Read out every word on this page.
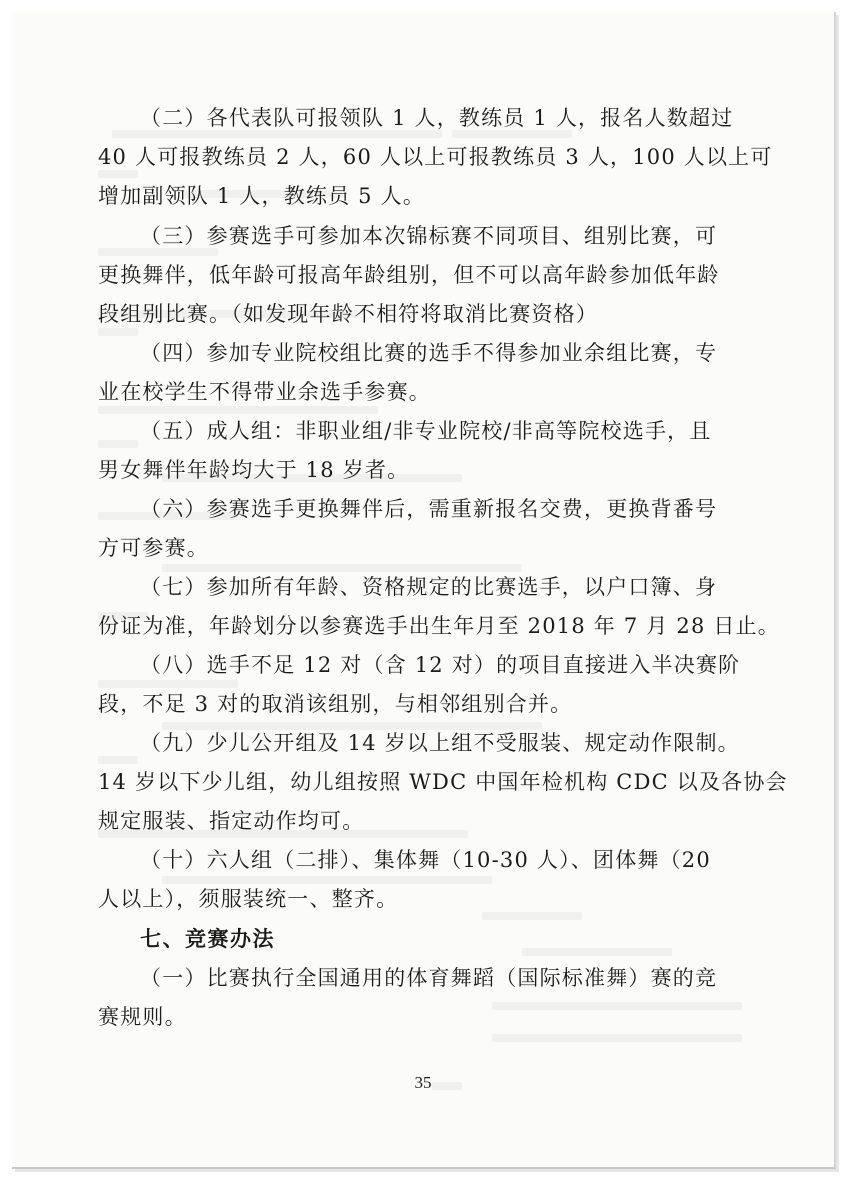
（二）各代表队可报领队 1 人，教练员 1 人，报名人数超过
40 人可报教练员 2 人，60 人以上可报教练员 3 人，100 人以上可
增加副领队 1 人，教练员 5 人。
（三）参赛选手可参加本次锦标赛不同项目、组别比赛，可
更换舞伴，低年龄可报高年龄组别，但不可以高年龄参加低年龄
段组别比赛。（如发现年龄不相符将取消比赛资格）
（四）参加专业院校组比赛的选手不得参加业余组比赛，专
业在校学生不得带业余选手参赛。
（五）成人组：非职业组/非专业院校/非高等院校选手，且
男女舞伴年龄均大于 18 岁者。
（六）参赛选手更换舞伴后，需重新报名交费，更换背番号
方可参赛。
（七）参加所有年龄、资格规定的比赛选手，以户口簿、身
份证为准，年龄划分以参赛选手出生年月至 2018 年 7 月 28 日止。
（八）选手不足 12 对（含 12 对）的项目直接进入半决赛阶
段，不足 3 对的取消该组别，与相邻组别合并。
（九）少儿公开组及 14 岁以上组不受服装、规定动作限制。
14 岁以下少儿组，幼儿组按照 WDC 中国年检机构 CDC 以及各协会
规定服装、指定动作均可。
（十）六人组（二排）、集体舞（10-30 人）、团体舞（20
人以上），须服装统一、整齐。
七、竞赛办法
（一）比赛执行全国通用的体育舞蹈（国际标准舞）赛的竞
赛规则。
35
